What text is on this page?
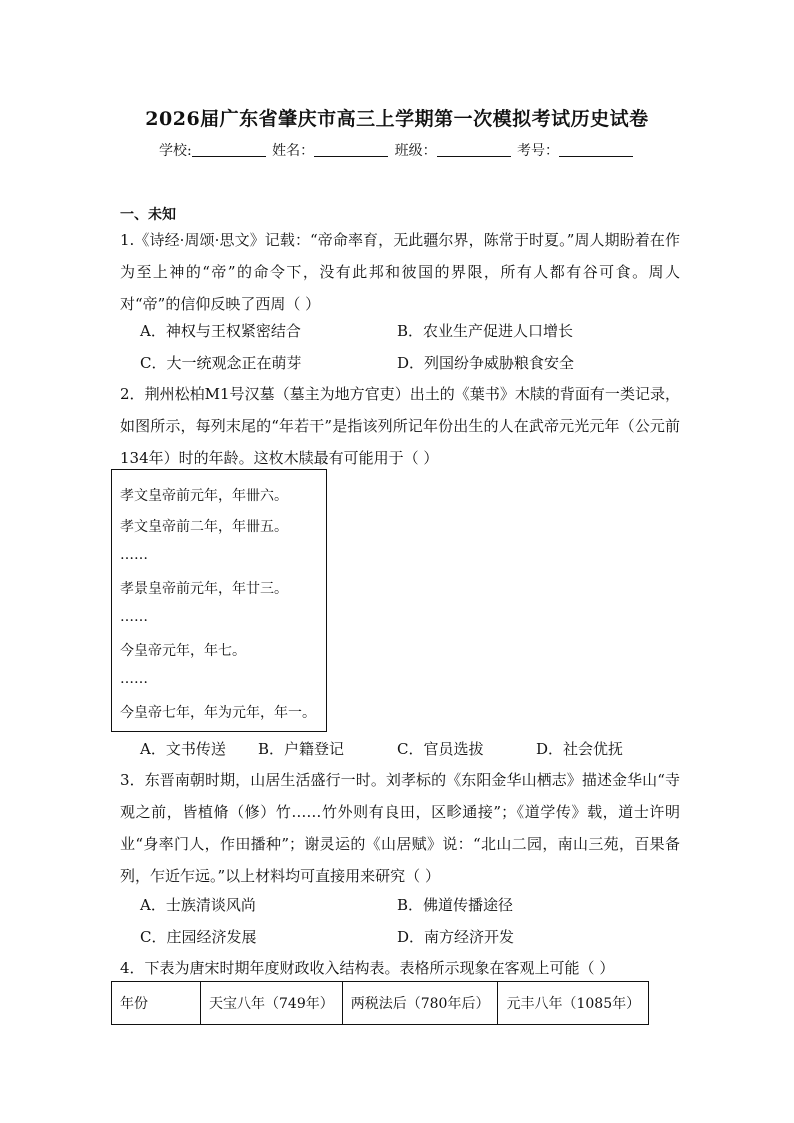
2026届广东省肇庆市高三上学期第一次模拟考试历史试卷
学校:	姓名：	班级：	考号：
一、未知

1.《诗经·周颂·思文》记载：“帝命率育，无此疆尔界，陈常于时夏。”周人期盼着在作为至上神的“帝”的命令下，没有此邦和彼国的界限，所有人都有谷可食。周人对“帝”的信仰反映了西周（ ）

A．神权与王权紧密结合	B．农业生产促进人口增长
C．大一统观念正在萌芽	D．列国纷争威胁粮食安全

2．荆州松柏M1号汉墓（墓主为地方官吏）出土的《葉书》木牍的背面有一类记录，如图所示，每列末尾的“年若干”是指该列所记年份出生的人在武帝元光元年（公元前134年）时的年龄。这枚木牍最有可能用于（ ）

孝文皇帝前元年，年卌六。
孝文皇帝前二年，年卌五。
……
孝景皇帝前元年，年廿三。
……
今皇帝元年，年七。
……
今皇帝七年，年为元年，年一。
A．文书传送 B．户籍登记	C．官员选拔	D．社会优抚

3．东晋南朝时期，山居生活盛行一时。刘孝标的《东阳金华山栖志》描述金华山“寺观之前，皆植脩（修）竹……竹外则有良田，区畛通接”；《道学传》载，道士许明业“身率门人，作田播种”；谢灵运的《山居赋》说：“北山二园，南山三苑，百果备列，乍近乍远。”以上材料均可直接用来研究（ ）

A．士族清谈风尚	B．佛道传播途径
C．庄园经济发展	D．南方经济开发

4．下表为唐宋时期年度财政收入结构表。表格所示现象在客观上可能（ ）

年份	天宝八年（749年）	两税法后（780年后）	元丰八年（1085年）
